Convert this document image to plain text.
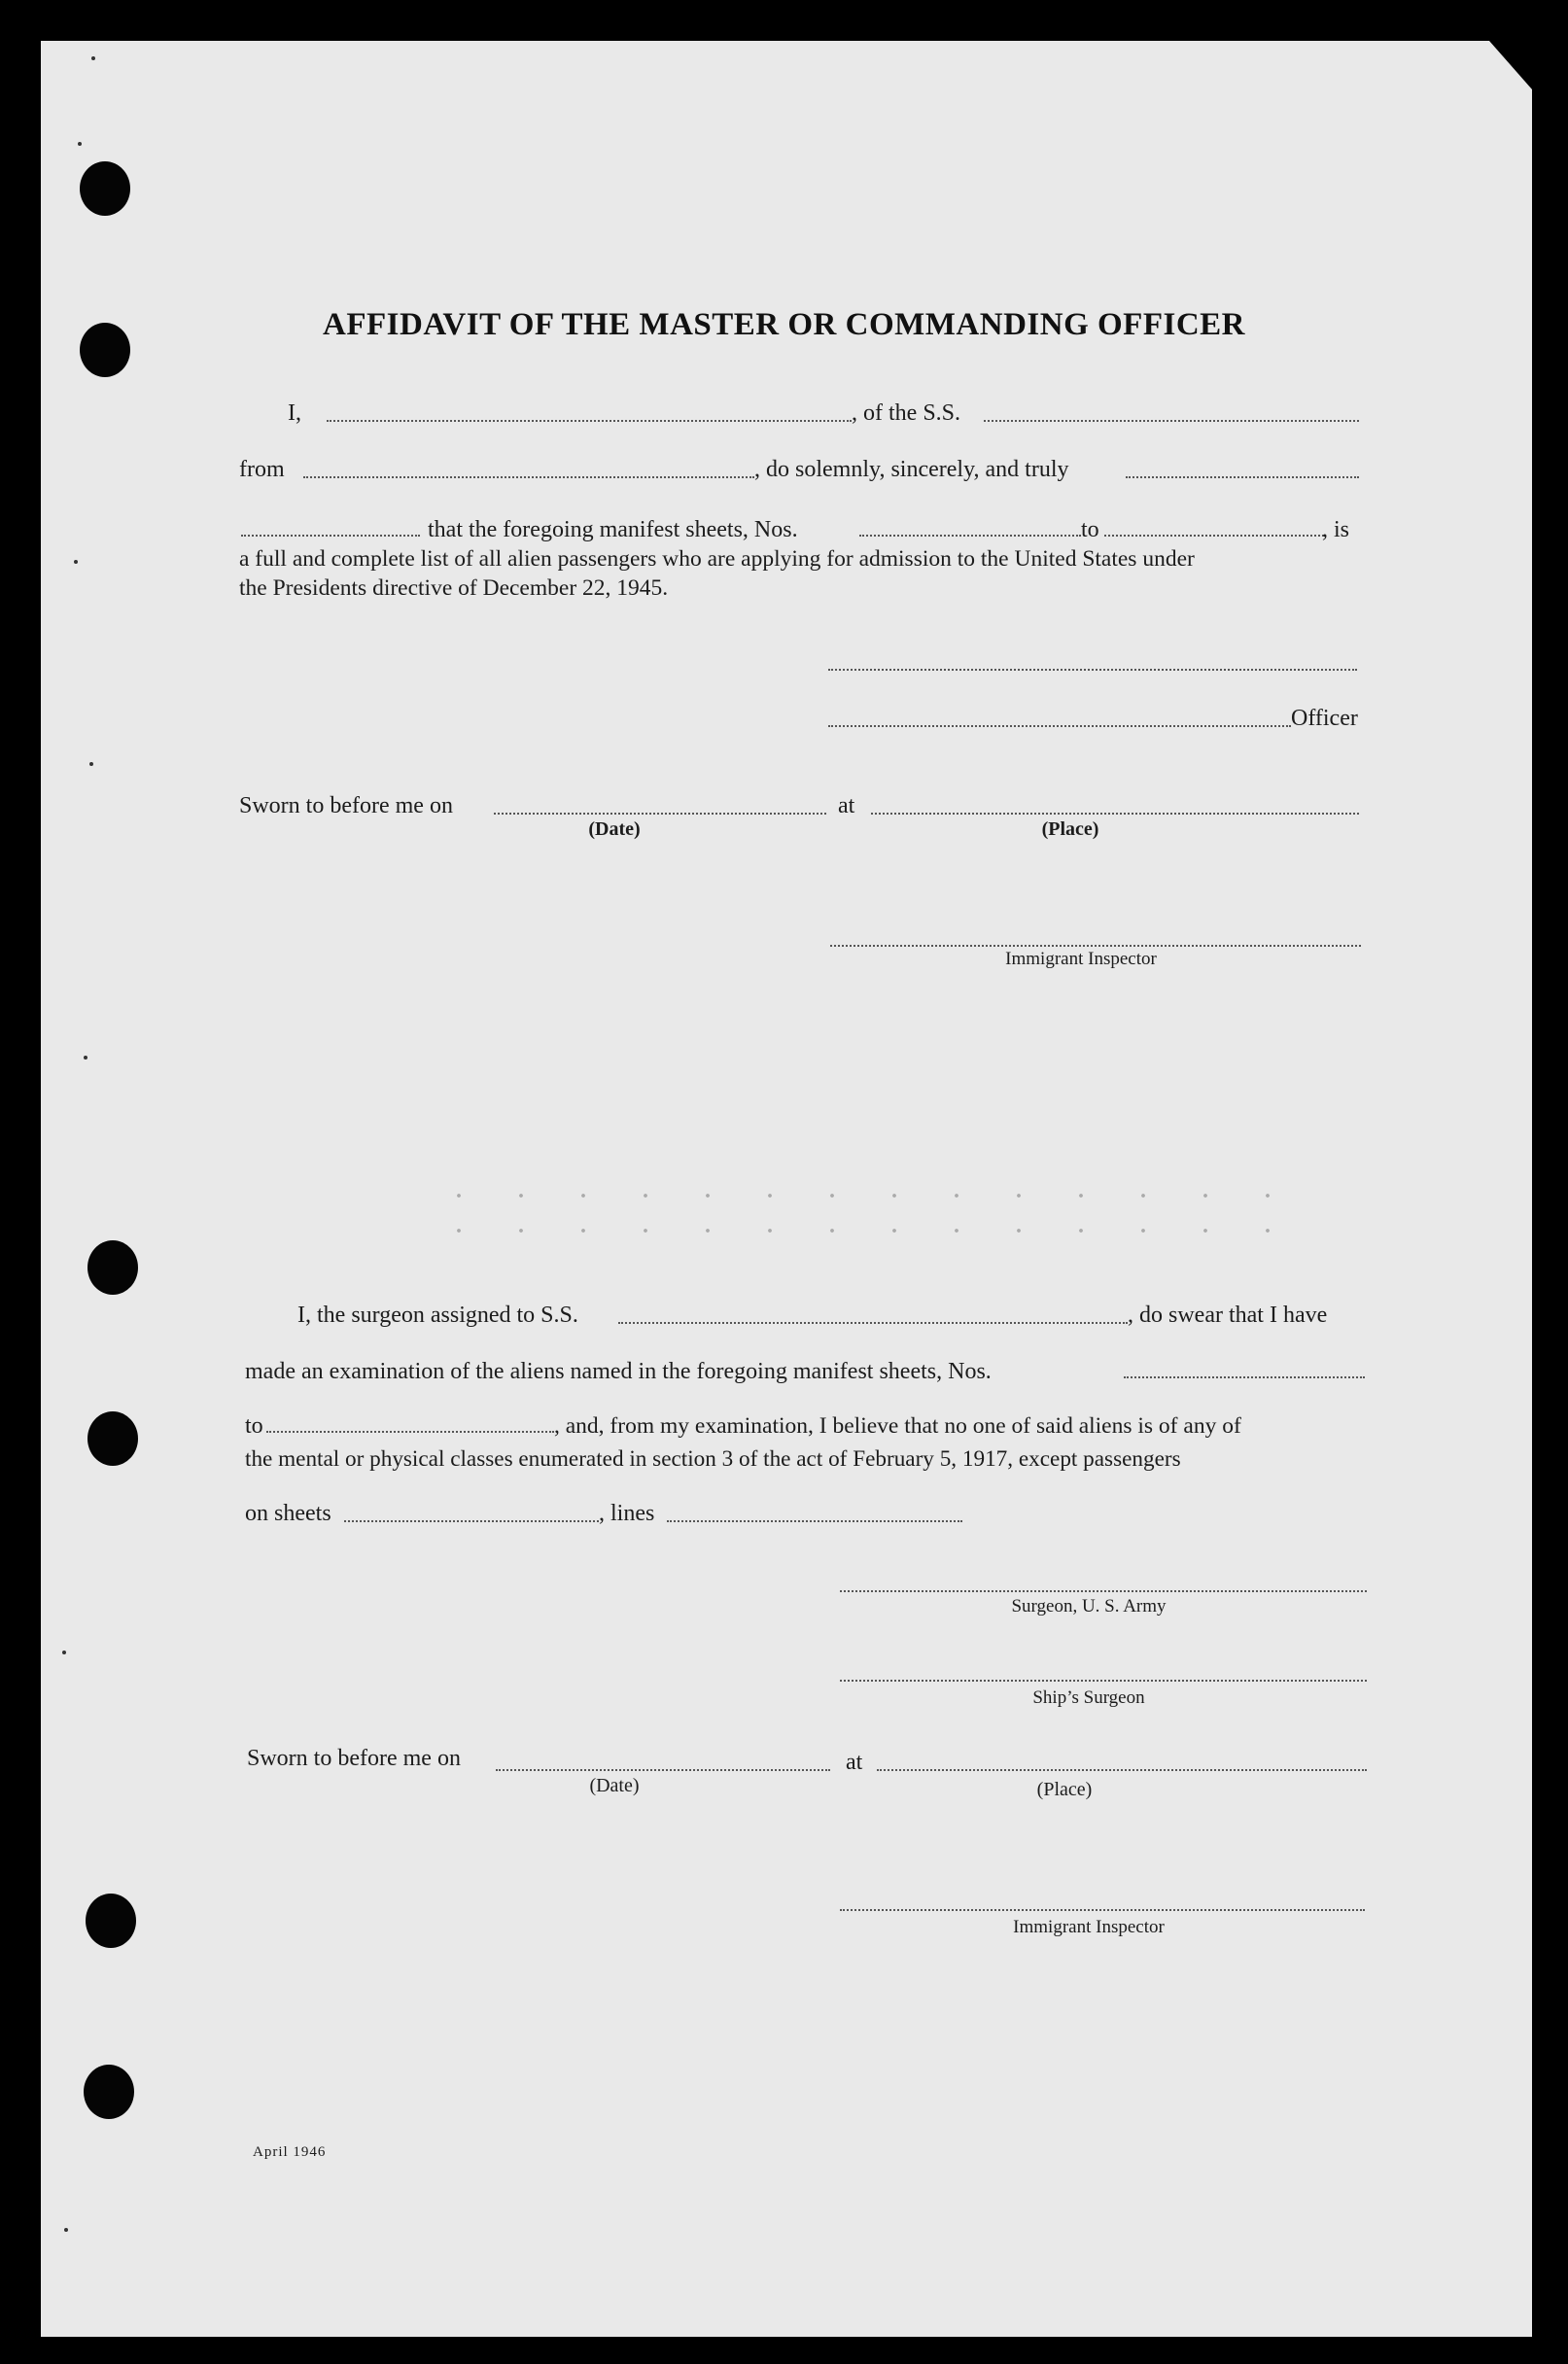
AFFIDAVIT OF THE MASTER OR COMMANDING OFFICER
I,	, of the S.S.
from	, do solemnly, sincerely, and truly
that the foregoing manifest sheets, Nos.	to	, is
a full and complete list of all alien passengers who are applying for admission to the United States under
the Presidents directive of December 22, 1945.
Officer
Sworn to before me on	at
(Date)	(Place)
Immigrant Inspector
I, the surgeon assigned to S.S.	, do swear that I have
made an examination of the aliens named in the foregoing manifest sheets, Nos.
to	, and, from my examination, I believe that no one of said aliens is of any of
the mental or physical classes enumerated in section 3 of the act of February 5, 1917, except passengers
on sheets	, lines
Surgeon, U. S. Army
Ship’s Surgeon
Sworn to before me on	at
(Date)	(Place)
Immigrant Inspector
April 1946
